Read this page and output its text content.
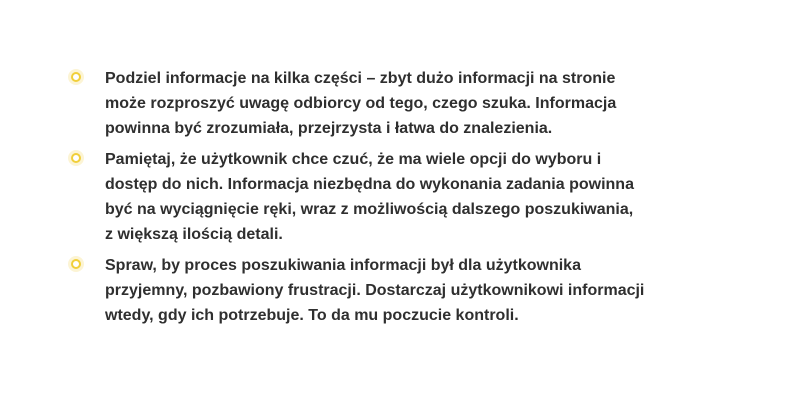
Podziel informacje na kilka części – zbyt dużo informacji na stronie może rozproszyć uwagę odbiorcy od tego, czego szuka. Informacja powinna być zrozumiała, przejrzysta i łatwa do znalezienia.

Pamiętaj, że użytkownik chce czuć, że ma wiele opcji do wyboru i dostęp do nich. Informacja niezbędna do wykonania zadania powinna być na wyciągnięcie ręki, wraz z możliwością dalszego poszukiwania, z większą ilością detali.

Spraw, by proces poszukiwania informacji był dla użytkownika przyjemny, pozbawiony frustracji. Dostarczaj użytkownikowi informacji wtedy, gdy ich potrzebuje. To da mu poczucie kontroli.
